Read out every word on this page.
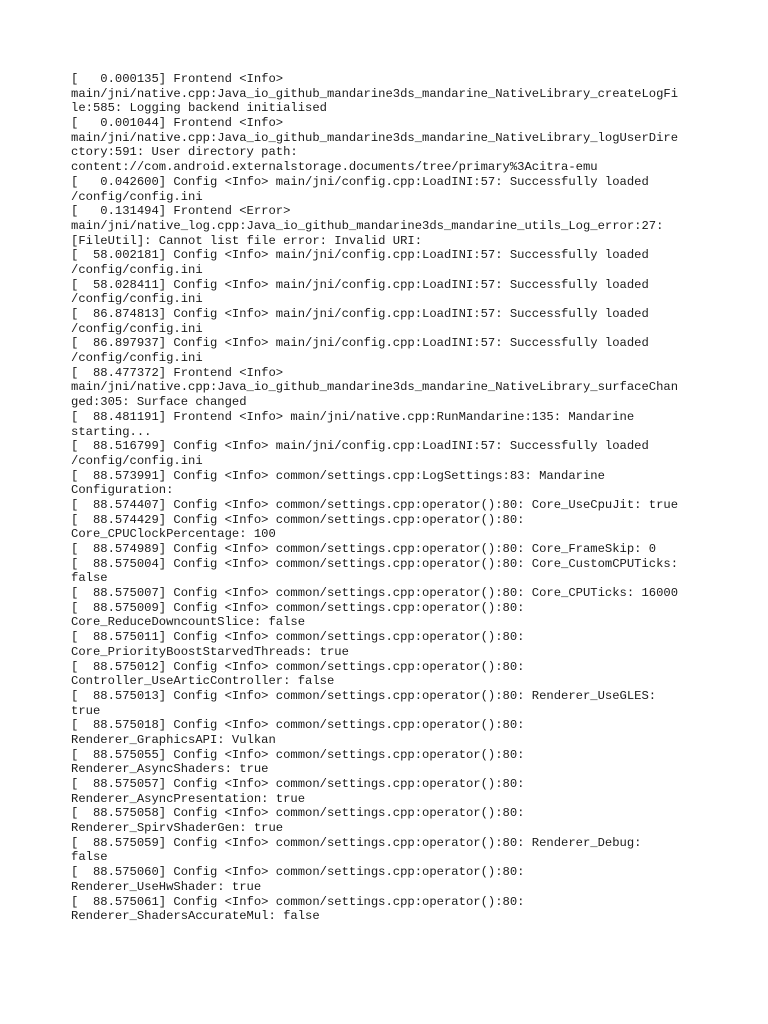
[   0.000135] Frontend <Info>
main/jni/native.cpp:Java_io_github_mandarine3ds_mandarine_NativeLibrary_createLogFi
le:585: Logging backend initialised
[   0.001044] Frontend <Info>
main/jni/native.cpp:Java_io_github_mandarine3ds_mandarine_NativeLibrary_logUserDire
ctory:591: User directory path:
content://com.android.externalstorage.documents/tree/primary%3Acitra-emu
[   0.042600] Config <Info> main/jni/config.cpp:LoadINI:57: Successfully loaded
/config/config.ini
[   0.131494] Frontend <Error>
main/jni/native_log.cpp:Java_io_github_mandarine3ds_mandarine_utils_Log_error:27:
[FileUtil]: Cannot list file error: Invalid URI:
[  58.002181] Config <Info> main/jni/config.cpp:LoadINI:57: Successfully loaded
/config/config.ini
[  58.028411] Config <Info> main/jni/config.cpp:LoadINI:57: Successfully loaded
/config/config.ini
[  86.874813] Config <Info> main/jni/config.cpp:LoadINI:57: Successfully loaded
/config/config.ini
[  86.897937] Config <Info> main/jni/config.cpp:LoadINI:57: Successfully loaded
/config/config.ini
[  88.477372] Frontend <Info>
main/jni/native.cpp:Java_io_github_mandarine3ds_mandarine_NativeLibrary_surfaceChan
ged:305: Surface changed
[  88.481191] Frontend <Info> main/jni/native.cpp:RunMandarine:135: Mandarine
starting...
[  88.516799] Config <Info> main/jni/config.cpp:LoadINI:57: Successfully loaded
/config/config.ini
[  88.573991] Config <Info> common/settings.cpp:LogSettings:83: Mandarine
Configuration:
[  88.574407] Config <Info> common/settings.cpp:operator():80: Core_UseCpuJit: true
[  88.574429] Config <Info> common/settings.cpp:operator():80:
Core_CPUClockPercentage: 100
[  88.574989] Config <Info> common/settings.cpp:operator():80: Core_FrameSkip: 0
[  88.575004] Config <Info> common/settings.cpp:operator():80: Core_CustomCPUTicks:
false
[  88.575007] Config <Info> common/settings.cpp:operator():80: Core_CPUTicks: 16000
[  88.575009] Config <Info> common/settings.cpp:operator():80:
Core_ReduceDowncountSlice: false
[  88.575011] Config <Info> common/settings.cpp:operator():80:
Core_PriorityBoostStarvedThreads: true
[  88.575012] Config <Info> common/settings.cpp:operator():80:
Controller_UseArticController: false
[  88.575013] Config <Info> common/settings.cpp:operator():80: Renderer_UseGLES:
true
[  88.575018] Config <Info> common/settings.cpp:operator():80:
Renderer_GraphicsAPI: Vulkan
[  88.575055] Config <Info> common/settings.cpp:operator():80:
Renderer_AsyncShaders: true
[  88.575057] Config <Info> common/settings.cpp:operator():80:
Renderer_AsyncPresentation: true
[  88.575058] Config <Info> common/settings.cpp:operator():80:
Renderer_SpirvShaderGen: true
[  88.575059] Config <Info> common/settings.cpp:operator():80: Renderer_Debug:
false
[  88.575060] Config <Info> common/settings.cpp:operator():80:
Renderer_UseHwShader: true
[  88.575061] Config <Info> common/settings.cpp:operator():80:
Renderer_ShadersAccurateMul: false
